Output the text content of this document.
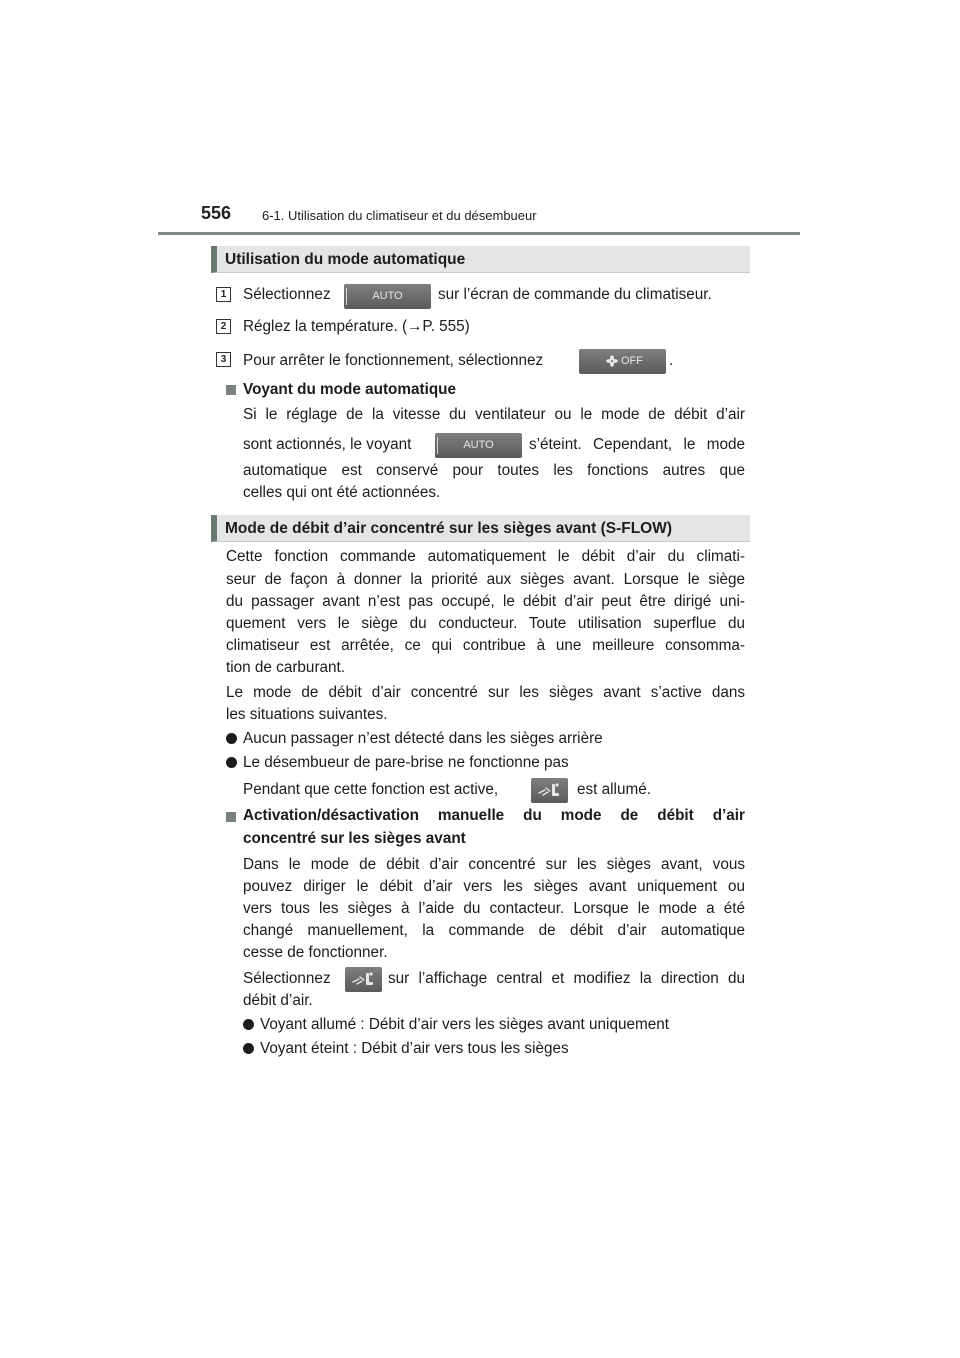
556 6-1. Utilisation du climatiseur et du désembueur
Utilisation du mode automatique
1	Sélectionnez	AUTO	sur l’écran de commande du climatiseur.
2	Réglez la température. (→P. 555)
3	Pour arrêter le fonctionnement, sélectionnez	OFF .
Voyant du mode automatique
Si le réglage de la vitesse du ventilateur ou le mode de débit d’air
sont actionnés, le voyant	AUTO	s’éteint. Cependant, le mode
automatique est conservé pour toutes les fonctions autres que
celles qui ont été actionnées.
Mode de débit d’air concentré sur les sièges avant (S-FLOW)
Cette fonction commande automatiquement le débit d’air du climati-
seur de façon à donner la priorité aux sièges avant. Lorsque le siège
du passager avant n’est pas occupé, le débit d’air peut être dirigé uni-
quement vers le siège du conducteur. Toute utilisation superflue du
climatiseur est arrêtée, ce qui contribue à une meilleure consomma-
tion de carburant.
Le mode de débit d’air concentré sur les sièges avant s’active dans
les situations suivantes.
Aucun passager n’est détecté dans les sièges arrière
Le désembueur de pare-brise ne fonctionne pas
Pendant que cette fonction est active,	est allumé.
Activation/désactivation manuelle du mode de débit d’air
concentré sur les sièges avant
Dans le mode de débit d’air concentré sur les sièges avant, vous
pouvez diriger le débit d’air vers les sièges avant uniquement ou
vers tous les sièges à l’aide du contacteur. Lorsque le mode a été
changé manuellement, la commande de débit d’air automatique
cesse de fonctionner.
Sélectionnez	sur l’affichage central et modifiez la direction du
débit d’air.
Voyant allumé : Débit d’air vers les sièges avant uniquement
Voyant éteint : Débit d’air vers tous les sièges
